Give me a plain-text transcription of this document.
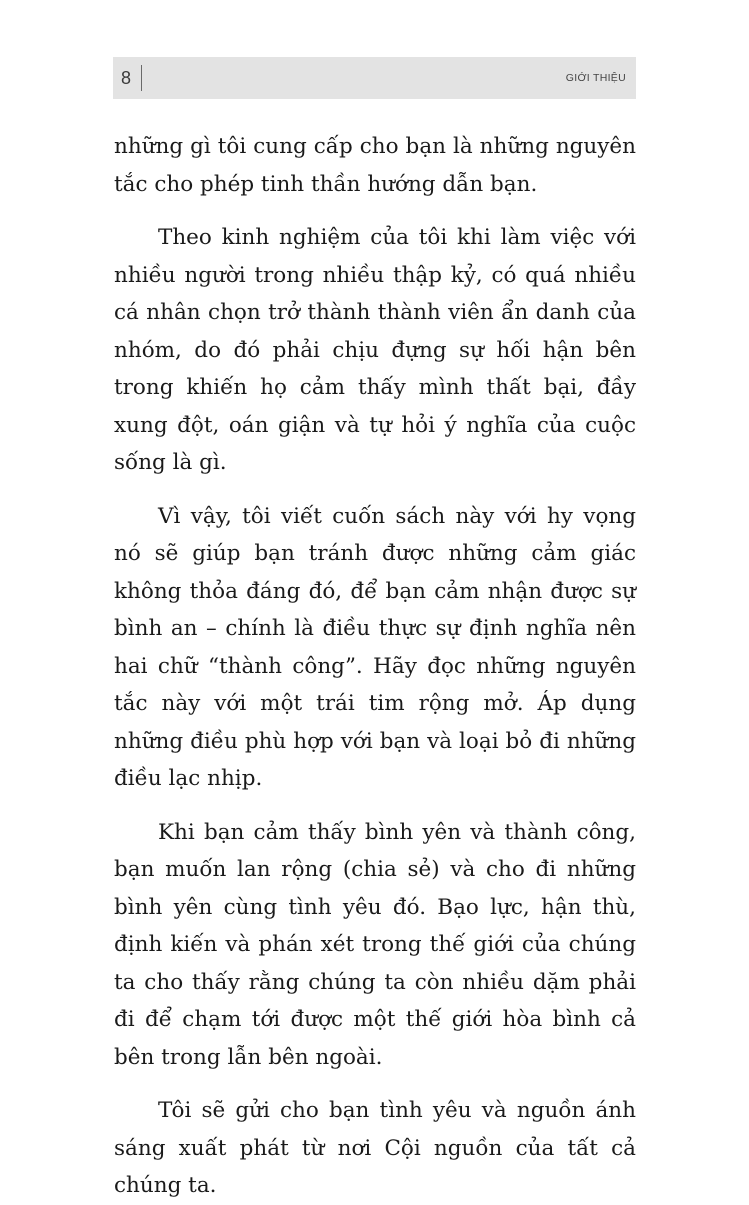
8	GIỚI THIỆU

những gì tôi cung cấp cho bạn là những nguyên tắc cho phép tinh thần hướng dẫn bạn.

Theo kinh nghiệm của tôi khi làm việc với nhiều người trong nhiều thập kỷ, có quá nhiều cá nhân chọn trở thành thành viên ẩn danh của nhóm, do đó phải chịu đựng sự hối hận bên trong khiến họ cảm thấy mình thất bại, đầy xung đột, oán giận và tự hỏi ý nghĩa của cuộc sống là gì.

Vì vậy, tôi viết cuốn sách này với hy vọng nó sẽ giúp bạn tránh được những cảm giác không thỏa đáng đó, để bạn cảm nhận được sự bình an – chính là điều thực sự định nghĩa nên hai chữ “thành công”. Hãy đọc những nguyên tắc này với một trái tim rộng mở. Áp dụng những điều phù hợp với bạn và loại bỏ đi những điều lạc nhịp.

Khi bạn cảm thấy bình yên và thành công, bạn muốn lan rộng (chia sẻ) và cho đi những bình yên cùng tình yêu đó. Bạo lực, hận thù, định kiến và phán xét trong thế giới của chúng ta cho thấy rằng chúng ta còn nhiều dặm phải đi để chạm tới được một thế giới hòa bình cả bên trong lẫn bên ngoài.

Tôi sẽ gửi cho bạn tình yêu và nguồn ánh sáng xuất phát từ nơi Cội nguồn của tất cả chúng ta.
